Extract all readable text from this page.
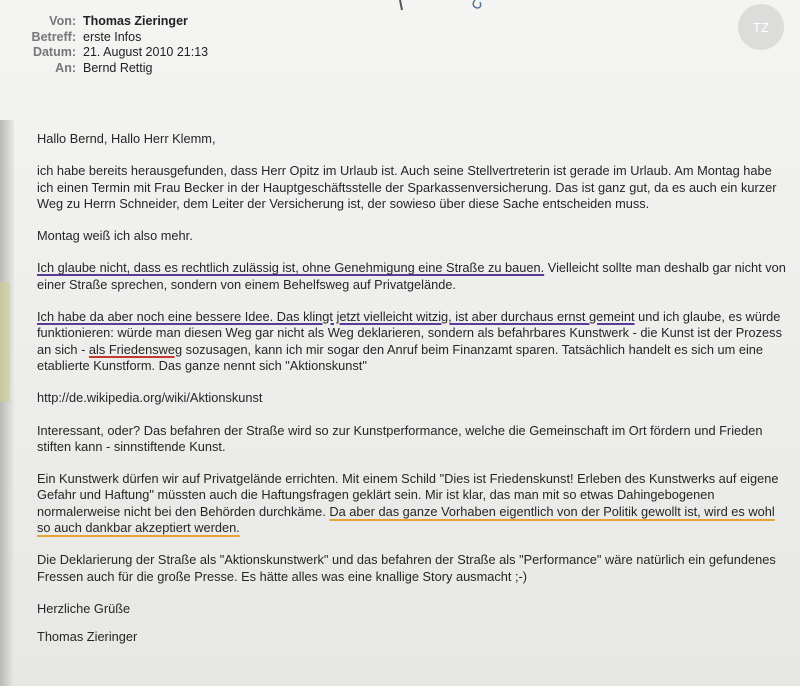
TZ
Von: Thomas Zieringer
Betreff: erste Infos
Datum: 21. August 2010 21:13
An: Bernd Rettig

Hallo Bernd, Hallo Herr Klemm,

ich habe bereits herausgefunden, dass Herr Opitz im Urlaub ist. Auch seine Stellvertreterin ist gerade im Urlaub. Am Montag habe ich einen Termin mit Frau Becker in der Hauptgeschäftsstelle der Sparkassenversicherung. Das ist ganz gut, da es auch ein kurzer Weg zu Herrn Schneider, dem Leiter der Versicherung ist, der sowieso über diese Sache entscheiden muss.

Montag weiß ich also mehr.

Ich glaube nicht, dass es rechtlich zulässig ist, ohne Genehmigung eine Straße zu bauen. Vielleicht sollte man deshalb gar nicht von einer Straße sprechen, sondern von einem Behelfsweg auf Privatgelände.

Ich habe da aber noch eine bessere Idee. Das klingt jetzt vielleicht witzig, ist aber durchaus ernst gemeint und ich glaube, es würde funktionieren: würde man diesen Weg gar nicht als Weg deklarieren, sondern als befahrbares Kunstwerk - die Kunst ist der Prozess an sich - als Friedensweg sozusagen, kann ich mir sogar den Anruf beim Finanzamt sparen. Tatsächlich handelt es sich um eine etablierte Kunstform. Das ganze nennt sich "Aktionskunst"

http://de.wikipedia.org/wiki/Aktionskunst

Interessant, oder? Das befahren der Straße wird so zur Kunstperformance, welche die Gemeinschaft im Ort fördern und Frieden stiften kann - sinnstiftende Kunst.

Ein Kunstwerk dürfen wir auf Privatgelände errichten. Mit einem Schild "Dies ist Friedenskunst! Erleben des Kunstwerks auf eigene Gefahr und Haftung" müssten auch die Haftungsfragen geklärt sein. Mir ist klar, das man mit so etwas Dahingebogenen normalerweise nicht bei den Behörden durchkäme. Da aber das ganze Vorhaben eigentlich von der Politik gewollt ist, wird es wohl so auch dankbar akzeptiert werden.

Die Deklarierung der Straße als "Aktionskunstwerk" und das befahren der Straße als "Performance" wäre natürlich ein gefundenes Fressen auch für die große Presse. Es hätte alles was eine knallige Story ausmacht ;-)

Herzliche Grüße

Thomas Zieringer
